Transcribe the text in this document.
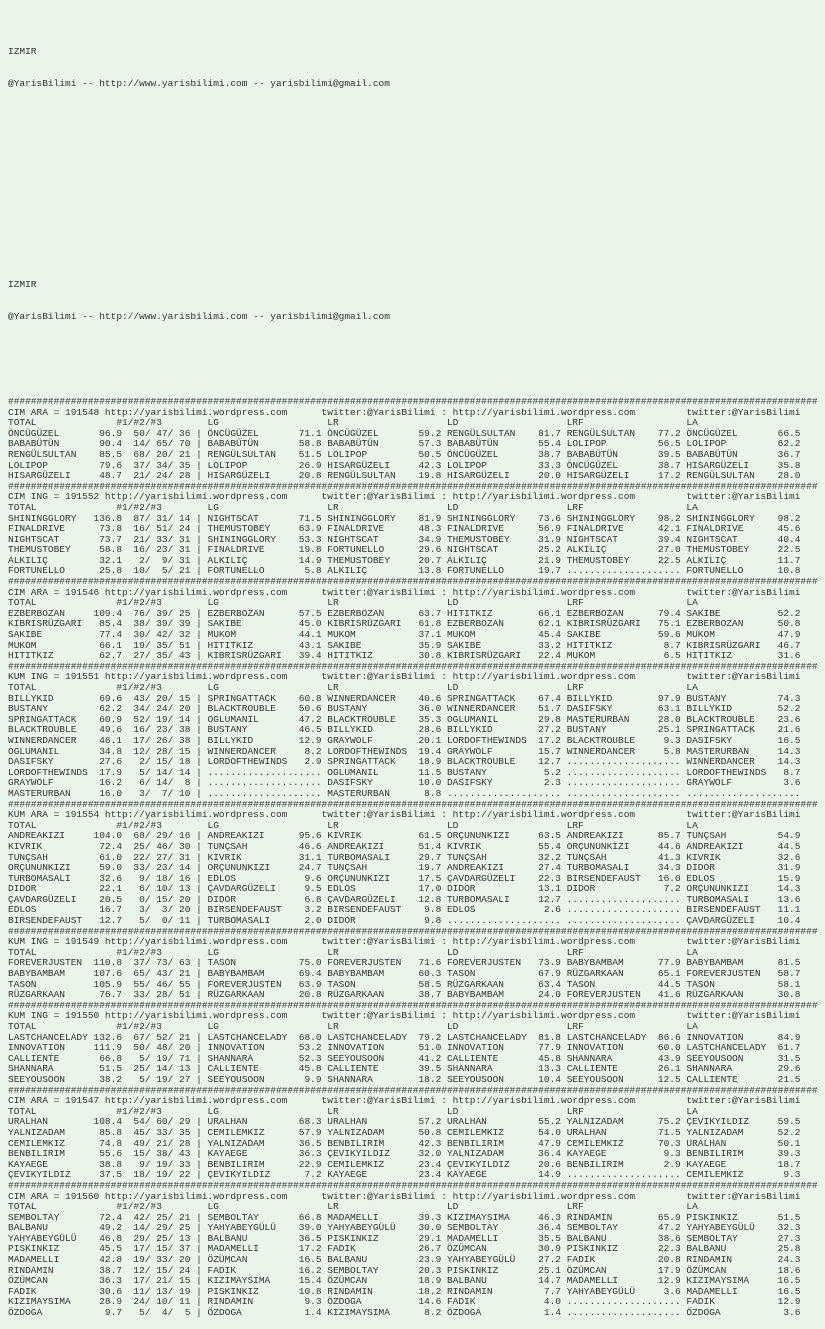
IZMIR

@YarisBilimi -- http://www.yarisbilimi.com -- yarisbilimi@gmail.com

IZMIR

@YarisBilimi -- http://www.yarisbilimi.com -- yarisbilimi@gmail.com

##############################################################################################################################################
CIM ARA = 191548 http://yarisbilimi.wordpress.com      twitter:@YarisBilimi : http://yarisbilimi.wordpress.com         twitter:@YarisBilimi
TOTAL              #1/#2/#3        LG                   LR                   LD                   LRF                  LA
ÖNCÜGÜZEL       96.9  50/ 47/ 36 | ÖNCÜGÜZEL       71.1 ÖNCÜGÜZEL       59.2 RENGÜLSULTAN    81.7 RENGÜLSULTAN    77.2 ÖNCÜGÜZEL       66.5
BABABÜTÜN       90.4  14/ 65/ 70 | BABABÜTÜN       58.8 BABABÜTÜN       57.3 BABABÜTÜN       55.4 LOLIPOP         56.5 LOLIPOP         62.2
RENGÜLSULTAN    85.5  68/ 20/ 21 | RENGÜLSULTAN    51.5 LOLIPOP         50.5 ÖNCÜGÜZEL       38.7 BABABÜTÜN       39.5 BABABÜTÜN       36.7
LOLIPOP         79.6  37/ 34/ 35 | LOLIPOP         26.9 HISARGÜZELI     42.3 LOLIPOP         33.3 ÖNCÜGÜZEL       38.7 HISARGÜZELI     35.8
HISARGÜZELI     48.7  21/ 24/ 28 | HISARGÜZELI     20.8 RENGÜLSULTAN    19.8 HISARGÜZELI     20.0 HISARGÜZELI     17.2 RENGÜLSULTAN    28.0
##############################################################################################################################################
CIM ING = 191552 http://yarisbilimi.wordpress.com      twitter:@YarisBilimi : http://yarisbilimi.wordpress.com         twitter:@YarisBilimi
TOTAL              #1/#2/#3        LG                   LR                   LD                   LRF                  LA
SHININGGLORY   136.8  87/ 31/ 14 | NIGHTSCAT       71.5 SHININGGLORY    81.9 SHININGGLORY    73.6 SHININGGLORY    98.2 SHININGGLORY    98.2
FINALDRIVE      73.8  16/ 51/ 24 | THEMUSTOBEY     63.9 FINALDRIVE      48.3 FINALDRIVE      56.9 FINALDRIVE      42.1 FINALDRIVE      45.6
NIGHTSCAT       73.7  21/ 33/ 31 | SHININGGLORY    53.3 NIGHTSCAT       34.9 THEMUSTOBEY     31.9 NIGHTSCAT       39.4 NIGHTSCAT       40.4
THEMUSTOBEY     58.8  16/ 23/ 31 | FINALDRIVE      19.8 FORTUNELLO      29.6 NIGHTSCAT       25.2 ALKILIÇ         27.0 THEMUSTOBEY     22.5
ALKILIÇ         32.1   2/  9/ 31 | ALKILIÇ         14.9 THEMUSTOBEY     20.7 ALKILIÇ         21.9 THEMUSTOBEY     22.5 ALKILIÇ         11.7
FORTUNELLO      25.8  10/  5/ 21 | FORTUNELLO       5.8 ALKILIÇ         13.8 FORTUNELLO      19.7 .................... FORTUNELLO      10.8
##############################################################################################################################################
CIM ARA = 191546 http://yarisbilimi.wordpress.com      twitter:@YarisBilimi : http://yarisbilimi.wordpress.com         twitter:@YarisBilimi
TOTAL              #1/#2/#3        LG                   LR                   LD                   LRF                  LA
EZBERBOZAN     109.4  76/ 39/ 25 | EZBERBOZAN      57.5 EZBERBOZAN      63.7 HITITKIZ        66.1 EZBERBOZAN      79.4 SAKIBE          52.2
KIBRISRÜZGARI   85.4  38/ 39/ 39 | SAKIBE          45.0 KIBRISRÜZGARI   61.8 EZBERBOZAN      62.1 KIBRISRÜZGARI   75.1 EZBERBOZAN      50.8
SAKIBE          77.4  30/ 42/ 32 | MUKOM           44.1 MUKOM           37.1 MUKOM           45.4 SAKIBE          59.6 MUKOM           47.9
MUKOM           66.1  19/ 35/ 51 | HITITKIZ        43.1 SAKIBE          35.9 SAKIBE          33.2 HITITKIZ         8.7 KIBRISRÜZGARI   46.7
HITITKIZ        62.7  27/ 35/ 43 | KIBRISRÜZGARI   39.4 HITITKIZ        30.8 KIBRISRÜZGARI   22.4 MUKOM            6.5 HITITKIZ        31.6
##############################################################################################################################################
KUM ING = 191551 http://yarisbilimi.wordpress.com      twitter:@YarisBilimi : http://yarisbilimi.wordpress.com         twitter:@YarisBilimi
TOTAL              #1/#2/#3        LG                   LR                   LD                   LRF                  LA
BILLYKID        69.6  43/ 20/ 15 | SPRINGATTACK    60.8 WINNERDANCER    40.6 SPRINGATTACK    67.4 BILLYKID        97.9 BUSTANY         74.3
BUSTANY         62.2  34/ 24/ 20 | BLACKTROUBLE    50.6 BUSTANY         36.0 WINNERDANCER    51.7 DASIFSKY        63.1 BILLYKID        52.2
SPRINGATTACK    60.9  52/ 19/ 14 | OGLUMANIL       47.2 BLACKTROUBLE    35.3 OGLUMANIL       29.8 MASTERURBAN     28.0 BLACKTROUBLE    23.6
BLACKTROUBLE    49.6  16/ 23/ 38 | BUSTANY         46.5 BILLYKID        28.6 BILLYKID        27.2 BUSTANY         25.1 SPRINGATTACK    21.6
WINNERDANCER    46.1  17/ 26/ 38 | BILLYKID        12.9 GRAYWOLF        20.1 LORDOFTHEWINDS  17.2 BLACKTROUBLE     9.3 DASIFSKY        16.5
OGLUMANIL       34.8  12/ 28/ 15 | WINNERDANCER     8.2 LORDOFTHEWINDS  19.4 GRAYWOLF        15.7 WINNERDANCER     5.8 MASTERURBAN     14.3
DASIFSKY        27.6   2/ 15/ 18 | LORDOFTHEWINDS   2.9 SPRINGATTACK    18.9 BLACKTROUBLE    12.7 .................... WINNERDANCER    14.3
LORDOFTHEWINDS  17.9   5/ 14/ 14 | .................... OGLUMANIL       11.5 BUSTANY          5.2 .................... LORDOFTHEWINDS   8.7
GRAYWOLF        16.2   6/ 14/  8 | .................... DASIFSKY        10.0 DASIFSKY         2.3 .................... GRAYWOLF         3.6
MASTERURBAN     16.0   3/  7/ 10 | .................... MASTERURBAN      8.8 .................... .................... ....................
##############################################################################################################################################
KUM ARA = 191554 http://yarisbilimi.wordpress.com      twitter:@YarisBilimi : http://yarisbilimi.wordpress.com         twitter:@YarisBilimi
TOTAL              #1/#2/#3        LG                   LR                   LD                   LRF                  LA
ANDREAKIZI     104.0  68/ 29/ 16 | ANDREAKIZI      95.6 KIVRIK          61.5 ORÇUNUNKIZI     63.5 ANDREAKIZI      85.7 TUNÇSAH         54.9
KIVRIK          72.4  25/ 46/ 30 | TUNÇSAH         46.6 ANDREAKIZI      51.4 KIVRIK          55.4 ORÇUNUNKIZI     44.6 ANDREAKIZI      44.5
TUNÇSAH         61.0  22/ 27/ 31 | KIVRIK          31.1 TURBOMASALI     29.7 TUNÇSAH         32.2 TUNÇSAH         41.3 KIVRIK          32.6
ORÇUNUNKIZI     59.0  33/ 23/ 14 | ORÇUNUNKIZI     24.7 TUNÇSAH         19.7 ANDREAKIZI      27.4 TURBOMASALI     34.3 DIDOR           31.9
TURBOMASALI     32.6   9/ 18/ 16 | EDLOS            9.6 ORÇUNUNKIZI     17.5 ÇAVDARGÜZELI    22.3 BIRSENDEFAUST   16.0 EDLOS           15.9
DIDOR           22.1   6/ 10/ 13 | ÇAVDARGÜZELI     9.5 EDLOS           17.0 DIDOR           13.1 DIDOR            7.2 ORÇUNUNKIZI     14.3
ÇAVDARGÜZELI    20.5   0/ 15/ 20 | DIDOR            6.8 ÇAVDARGÜZELI    12.8 TURBOMASALI     12.7 .................... TURBOMASALI     13.6
EDLOS           16.7   3/  3/ 20 | BIRSENDEFAUST    3.2 BIRSENDEFAUST    9.8 EDLOS            2.6 .................... BIRSENDEFAUST   11.1
BIRSENDEFAUST   12.7   5/  0/ 11 | TURBOMASALI      2.0 DIDOR            9.8 .................... .................... ÇAVDARGÜZELI    10.4
##############################################################################################################################################
KUM ING = 191549 http://yarisbilimi.wordpress.com      twitter:@YarisBilimi : http://yarisbilimi.wordpress.com         twitter:@YarisBilimi
TOTAL              #1/#2/#3        LG                   LR                   LD                   LRF                  LA
FOREVERJUSTEN  110.8  37/ 73/ 63 | TASON           75.0 FOREVERJUSTEN   71.6 FOREVERJUSTEN   73.9 BABYBAMBAM      77.9 BABYBAMBAM      81.5
BABYBAMBAM     107.6  65/ 43/ 21 | BABYBAMBAM      69.4 BABYBAMBAM      60.3 TASON           67.9 RÜZGARKAAN      65.1 FOREVERJUSTEN   58.7
TASON          105.9  55/ 46/ 55 | FOREVERJUSTEN   63.9 TASON           58.5 RÜZGARKAAN      63.4 TASON           44.5 TASON           58.1
RÜZGARKAAN      76.7  33/ 28/ 51 | RÜZGARKAAN      20.8 RÜZGARKAAN      38.7 BABYBAMBAM      24.0 FOREVERJUSTEN   41.6 RÜZGARKAAN      30.8
##############################################################################################################################################
KUM ING = 191550 http://yarisbilimi.wordpress.com      twitter:@YarisBilimi : http://yarisbilimi.wordpress.com         twitter:@YarisBilimi
TOTAL              #1/#2/#3        LG                   LR                   LD                   LRF                  LA
LASTCHANCELADY 132.6  67/ 52/ 21 | LASTCHANCELADY  68.0 LASTCHANCELADY  79.2 LASTCHANCELADY  81.8 LASTCHANCELADY  86.6 INNOVATION      84.9
INNOVATION     111.9  50/ 48/ 20 | INNOVATION      53.2 INNOVATION      51.0 INNOVATION      77.9 INNOVATION      60.0 LASTCHANCELADY  61.7
CALLIENTE       66.8   5/ 19/ 71 | SHANNARA        52.3 SEEYOUSOON      41.2 CALLIENTE       45.8 SHANNARA        43.9 SEEYOUSOON      31.5
SHANNARA        51.5  25/ 14/ 13 | CALLIENTE       45.8 CALLIENTE       39.5 SHANNARA        13.3 CALLIENTE       26.1 SHANNARA        29.6
SEEYOUSOON      38.2   5/ 19/ 27 | SEEYOUSOON       9.9 SHANNARA        18.2 SEEYOUSOON      10.4 SEEYOUSOON      12.5 CALLIENTE       21.5
##############################################################################################################################################
CIM ARA = 191547 http://yarisbilimi.wordpress.com      twitter:@YarisBilimi : http://yarisbilimi.wordpress.com         twitter:@YarisBilimi
TOTAL              #1/#2/#3        LG                   LR                   LD                   LRF                  LA
URALHAN        108.4  54/ 60/ 29 | URALHAN         68.3 URALHAN         57.2 URALHAN         55.2 YALNIZADAM      75.2 ÇEVIKYILDIZ     59.5
YALNIZADAM      85.8  45/ 33/ 35 | CEMILEMKIZ      57.9 YALNIZADAM      50.8 CEMILEMKIZ      54.0 URALHAN         71.5 YALNIZADAM      52.2
CEMILEMKIZ      74.8  49/ 21/ 28 | YALNIZADAM      36.5 BENBILIRIM      42.3 BENBILIRIM      47.9 CEMILEMKIZ      70.3 URALHAN         50.1
BENBILIRIM      55.6  15/ 38/ 43 | KAYAEGE         36.3 ÇEVIKYILDIZ     32.0 YALNIZADAM      36.4 KAYAEGE          9.3 BENBILIRIM      39.3
KAYAEGE         38.8   9/ 19/ 33 | BENBILIRIM      22.9 CEMILEMKIZ      23.4 ÇEVIKYILDIZ     20.6 BENBILIRIM       2.9 KAYAEGE         18.7
ÇEVIKYILDIZ     37.5  18/ 19/ 22 | ÇEVIKYILDIZ      7.2 KAYAEGE         23.4 KAYAEGE         14.9 .................... CEMILEMKIZ       9.3
##############################################################################################################################################
CIM ARA = 191560 http://yarisbilimi.wordpress.com      twitter:@YarisBilimi : http://yarisbilimi.wordpress.com         twitter:@YarisBilimi
TOTAL              #1/#2/#3        LG                   LR                   LD                   LRF                  LA
SEMBOLTAY       72.4  42/ 25/ 21 | SEMBOLTAY       66.8 MADAMELLI       39.3 KIZIMAYSIMA     46.3 RINDAMIN        65.9 PISKINKIZ       51.5
BALBANU         49.2  14/ 29/ 25 | YAHYABEYGÜLÜ    39.0 YAHYABEYGÜLÜ    30.0 SEMBOLTAY       36.4 SEMBOLTAY       47.2 YAHYABEYGÜLÜ    32.3
YAHYABEYGÜLÜ    46.8  29/ 25/ 13 | BALBANU         36.5 PISKINKIZ       29.1 MADAMELLI       35.5 BALBANU         38.6 SEMBOLTAY       27.3
PISKINKIZ       45.5  17/ 15/ 37 | MADAMELLI       17.2 FADIK           26.7 ÖZÜMCAN         30.9 PISKINKIZ       22.3 BALBANU         25.8
MADAMELLI       42.8  19/ 33/ 20 | ÖZÜMCAN         16.5 BALBANU         23.9 YAHYABEYGÜLÜ    27.2 FADIK           20.8 RINDAMIN        24.3
RINDAMIN        38.7  12/ 15/ 24 | FADIK           16.2 SEMBOLTAY       20.3 PISKINKIZ       25.1 ÖZÜMCAN         17.9 ÖZÜMCAN         18.6
ÖZÜMCAN         36.3  17/ 21/ 15 | KIZIMAYSIMA     15.4 ÖZÜMCAN         18.9 BALBANU         14.7 MADAMELLI       12.9 KIZIMAYSIMA     16.5
FADIK           30.6  11/ 13/ 19 | PISKINKIZ       10.8 RINDAMIN        18.2 RINDAMIN         7.7 YAHYABEYGÜLÜ     3.6 MADAMELLI       16.5
KIZIMAYSIMA     28.9  24/ 10/ 11 | RINDAMIN         9.3 ÖZDOGA          14.6 FADIK            4.0 .................... FADIK           12.9
ÖZDOGA           9.7   5/  4/  5 | ÖZDOGA           1.4 KIZIMAYSIMA      8.2 ÖZDOGA           1.4 .................... ÖZDOGA           3.6
